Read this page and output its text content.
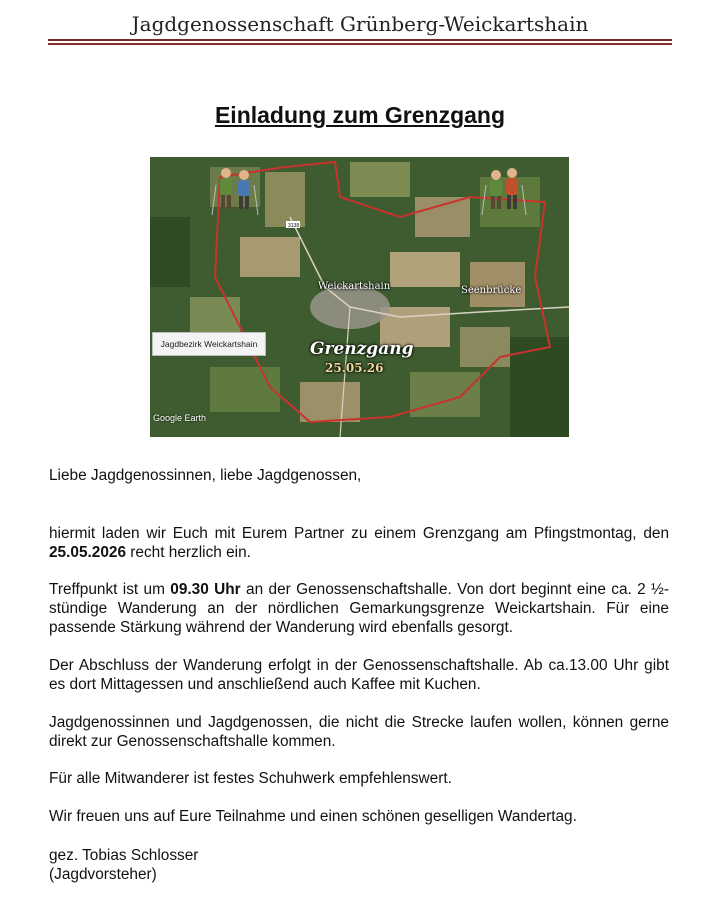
Jagdgenossenschaft Grünberg-Weickartshain
Einladung zum Grenzgang
3138
Weickartshain	Seenbrücke
Grenzgang
25.05.26
Jagdbezirk Weickartshain
Google Earth
Liebe Jagdgenossinnen, liebe Jagdgenossen,
hiermit laden wir Euch mit Eurem Partner zu einem Grenzgang am Pfingstmontag, den 25.05.2026 recht herzlich ein.
Treffpunkt ist um 09.30 Uhr an der Genossenschaftshalle. Von dort beginnt eine ca. 2 ½-stündige Wanderung an der nördlichen Gemarkungsgrenze Weickartshain. Für eine passende Stärkung während der Wanderung wird ebenfalls gesorgt.
Der Abschluss der Wanderung erfolgt in der Genossenschaftshalle. Ab ca.13.00 Uhr gibt es dort Mittagessen und anschließend auch Kaffee mit Kuchen.
Jagdgenossinnen und Jagdgenossen, die nicht die Strecke laufen wollen, können gerne direkt zur Genossenschaftshalle kommen.
Für alle Mitwanderer ist festes Schuhwerk empfehlenswert.
Wir freuen uns auf Eure Teilnahme und einen schönen geselligen Wandertag.
gez. Tobias Schlosser
(Jagdvorsteher)
